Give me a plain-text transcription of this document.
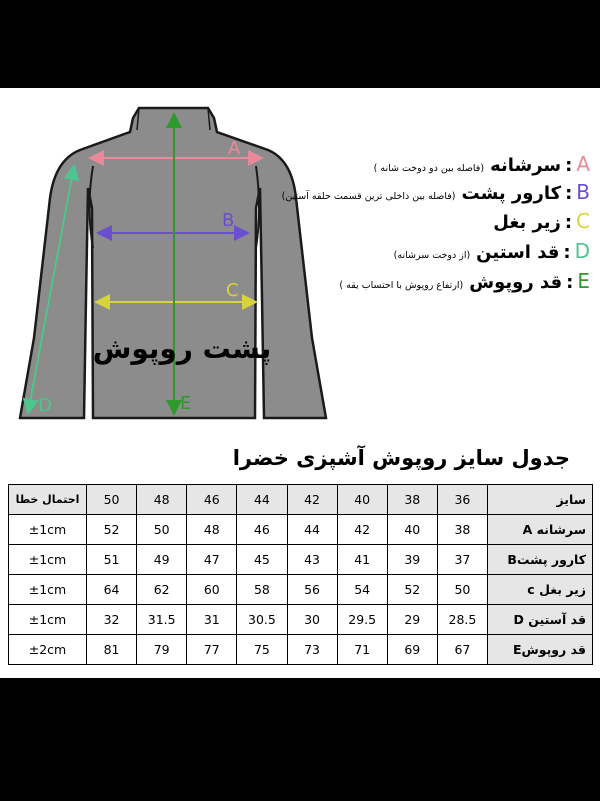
A
B
C
D	E
پشت روپوش
A:سرشانه(فاصله بین دو دوخت شانه )
B:کارور پشت(فاصله بین داخلی ترین قسمت حلقه آستین)
C:زیر بغل
D:قد استین(از دوخت سرشانه)
E:قد روپوش(ارتفاع روپوش با احتساب یقه )
جدول سایز روپوش آشپزی خضرا
سایز	36	38	40	42	44	46	48	50	احتمال خطا
سرشانه A	38	40	42	44	46	48	50	52	±1cm
کارور پشتB	37	39	41	43	45	47	49	51	±1cm
زیر بغل c	50	52	54	56	58	60	62	64	±1cm
قد آستین D	28.5	29	29.5	30	30.5	31	31.5	32	±1cm
قد روپوشE	67	69	71	73	75	77	79	81	±2cm
